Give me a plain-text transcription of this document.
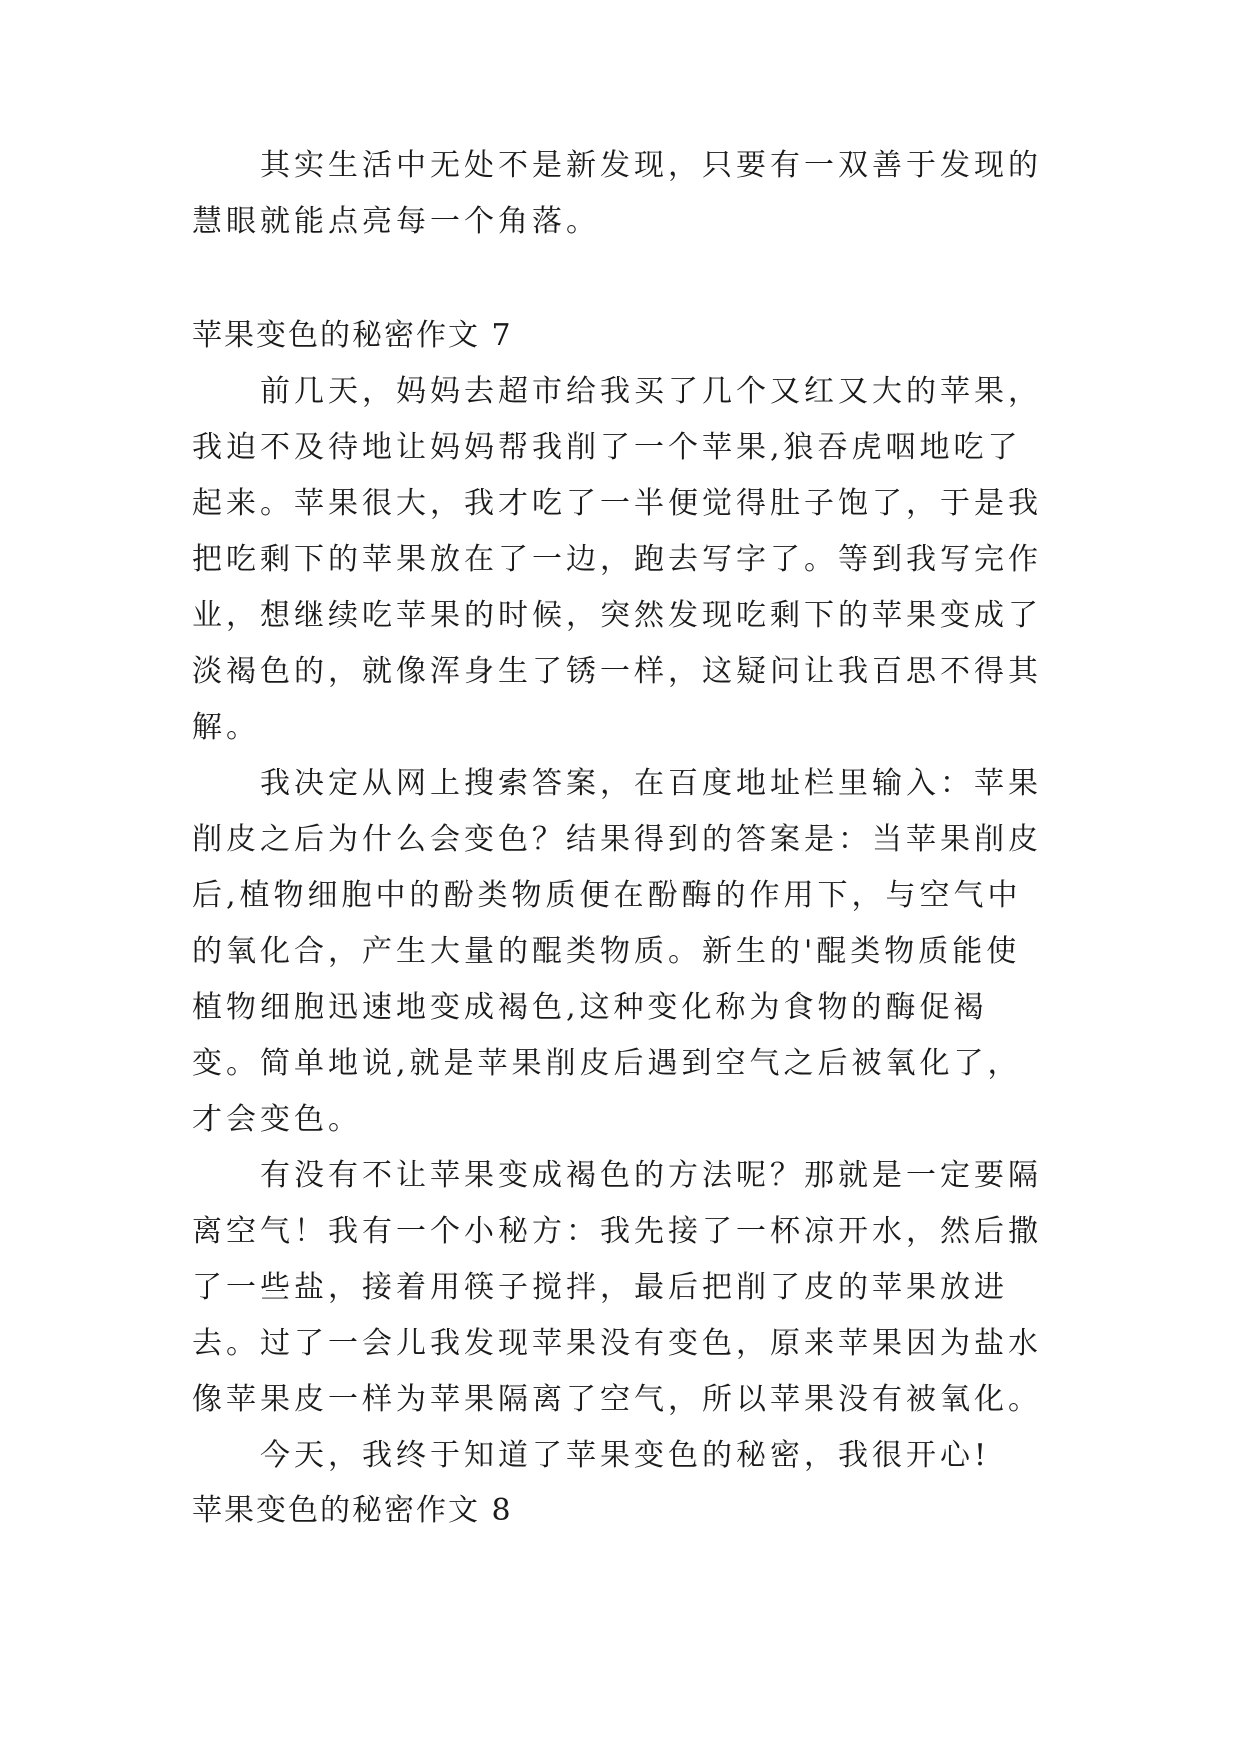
其实生活中无处不是新发现，只要有一双善于发现的慧眼就能点亮每一个角落。

苹果变色的秘密作文 7

前几天，妈妈去超市给我买了几个又红又大的苹果，我迫不及待地让妈妈帮我削了一个苹果,狼吞虎咽地吃了起来。苹果很大，我才吃了一半便觉得肚子饱了，于是我把吃剩下的苹果放在了一边，跑去写字了。等到我写完作业，想继续吃苹果的时候，突然发现吃剩下的苹果变成了淡褐色的，就像浑身生了锈一样，这疑问让我百思不得其解。

我决定从网上搜索答案，在百度地址栏里输入：苹果削皮之后为什么会变色？结果得到的答案是：当苹果削皮后,植物细胞中的酚类物质便在酚酶的作用下，与空气中的氧化合，产生大量的醌类物质。新生的'醌类物质能使植物细胞迅速地变成褐色,这种变化称为食物的酶促褐变。简单地说,就是苹果削皮后遇到空气之后被氧化了，才会变色。

有没有不让苹果变成褐色的方法呢？那就是一定要隔离空气！我有一个小秘方：我先接了一杯凉开水，然后撒了一些盐，接着用筷子搅拌，最后把削了皮的苹果放进去。过了一会儿我发现苹果没有变色，原来苹果因为盐水像苹果皮一样为苹果隔离了空气，所以苹果没有被氧化。

今天，我终于知道了苹果变色的秘密，我很开心!

苹果变色的秘密作文 8
